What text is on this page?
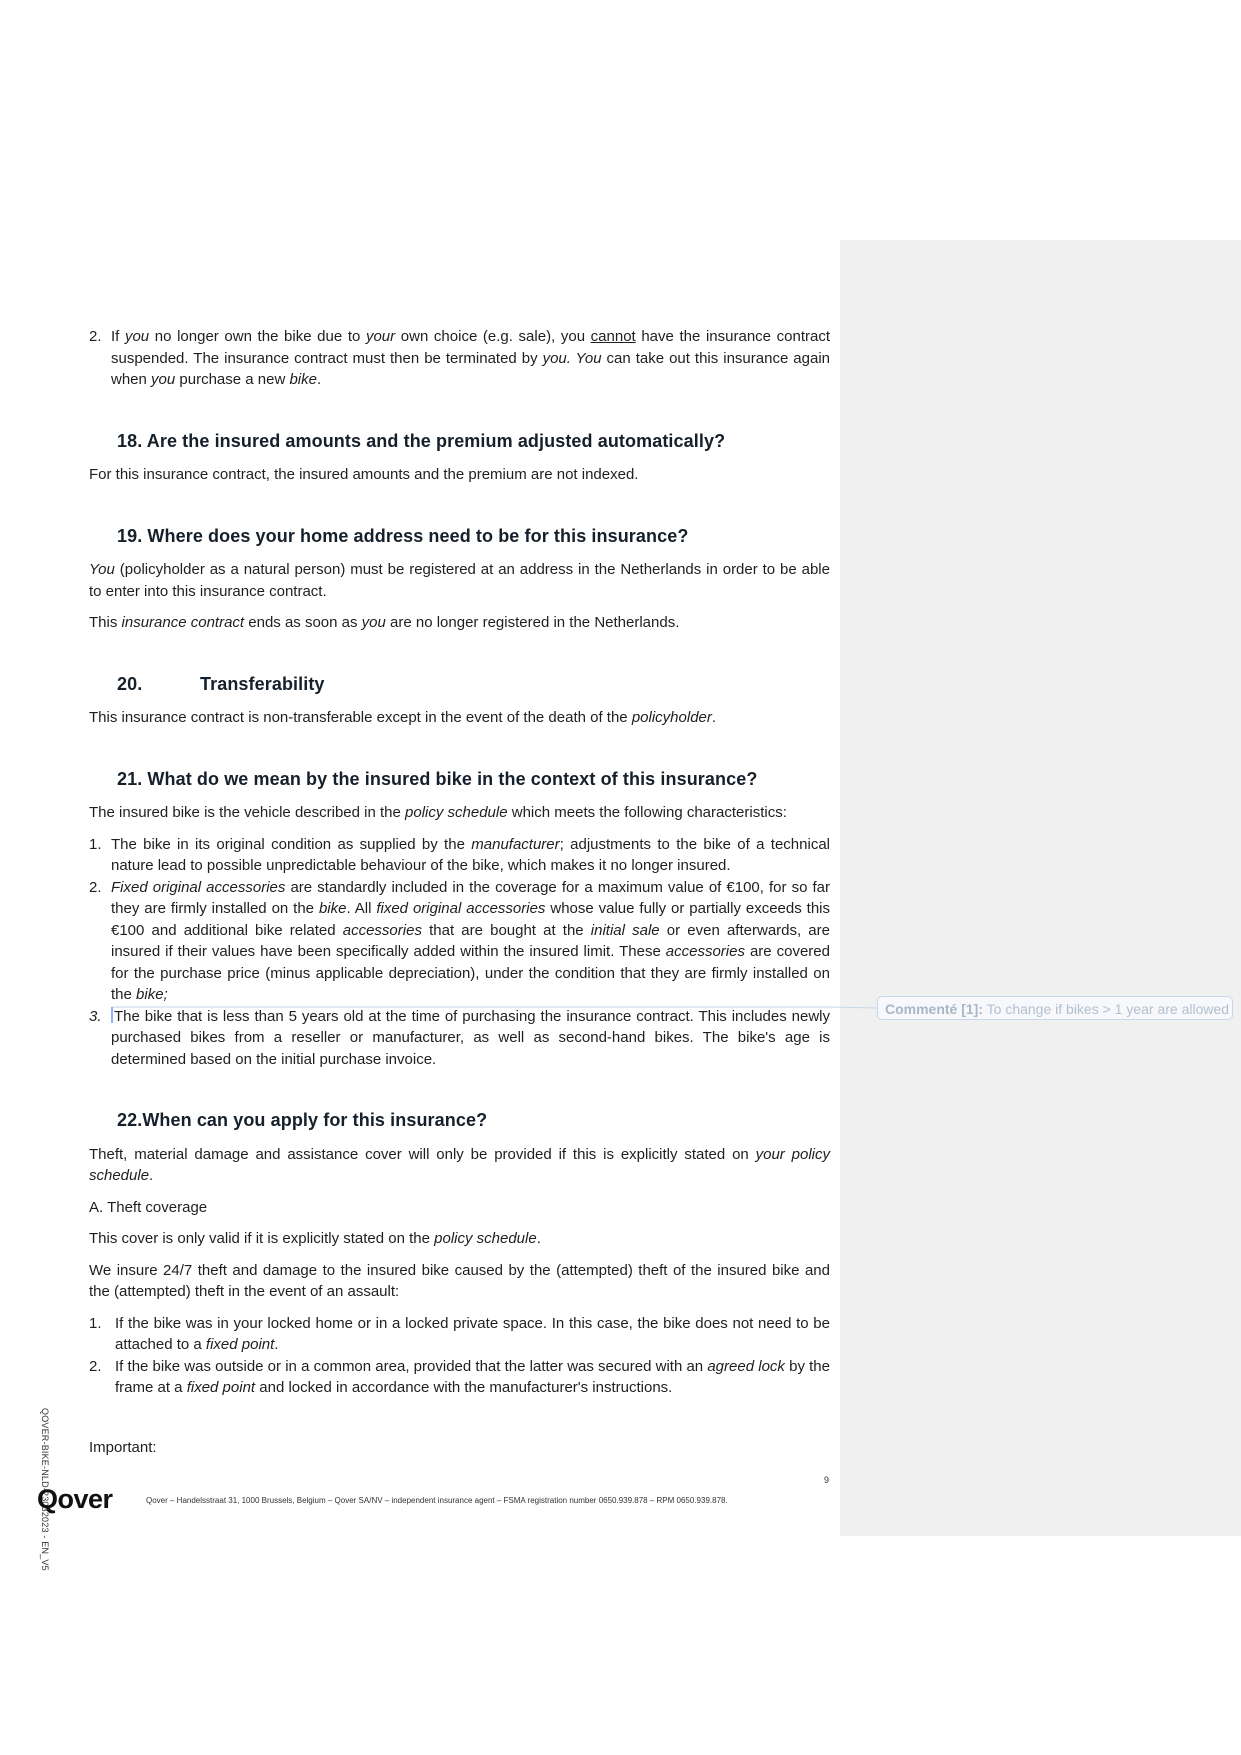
Commenté [1]: To change if bikes > 1 year are allowed
2. If you no longer own the bike due to your own choice (e.g. sale), you cannot have the insurance contract suspended. The insurance contract must then be terminated by you. You can take out this insurance again when you purchase a new bike.
18. Are the insured amounts and the premium adjusted automatically?

For this insurance contract, the insured amounts and the premium are not indexed.

19. Where does your home address need to be for this insurance?

You (policyholder as a natural person) must be registered at an address in the Netherlands in order to be able to enter into this insurance contract.

This insurance contract ends as soon as you are no longer registered in the Netherlands.

20.	Transferability

This insurance contract is non-transferable except in the event of the death of the policyholder.

21. What do we mean by the insured bike in the context of this insurance?

The insured bike is the vehicle described in the policy schedule which meets the following characteristics:

1. The bike in its original condition as supplied by the manufacturer; adjustments to the bike of a technical nature lead to possible unpredictable behaviour of the bike, which makes it no longer insured.
2. Fixed original accessories are standardly included in the coverage for a maximum value of €100, for so far they are firmly installed on the bike. All fixed original accessories whose value fully or partially exceeds this €100 and additional bike related accessories that are bought at the initial sale or even afterwards, are insured if their values have been specifically added within the insured limit. These accessories are covered for the purchase price (minus applicable depreciation), under the condition that they are firmly installed on the bike;
3. The bike that is less than 5 years old at the time of purchasing the insurance contract. This includes newly purchased bikes from a reseller or manufacturer, as well as second-hand bikes. The bike's age is determined based on the initial purchase invoice.
22.When can you apply for this insurance?

Theft, material damage and assistance cover will only be provided if this is explicitly stated on your policy schedule.

A. Theft coverage

This cover is only valid if it is explicitly stated on the policy schedule.

We insure 24/7 theft and damage to the insured bike caused by the (attempted) theft of the insured bike and the (attempted) theft in the event of an assault:

1. If the bike was in your locked home or in a locked private space. In this case, the bike does not need to be attached to a fixed point.
2. If the bike was outside or in a common area, provided that the latter was secured with an agreed lock by the frame at a fixed point and locked in accordance with the manufacturer's instructions.

Important:

QOVER-BIKE-NLD-23032023 - EN_V5	9
Qover	Qover – Handelsstraat 31, 1000 Brussels, Belgium – Qover SA/NV – independent insurance agent – FSMA registration number 0650.939.878 – RPM 0650.939.878.
